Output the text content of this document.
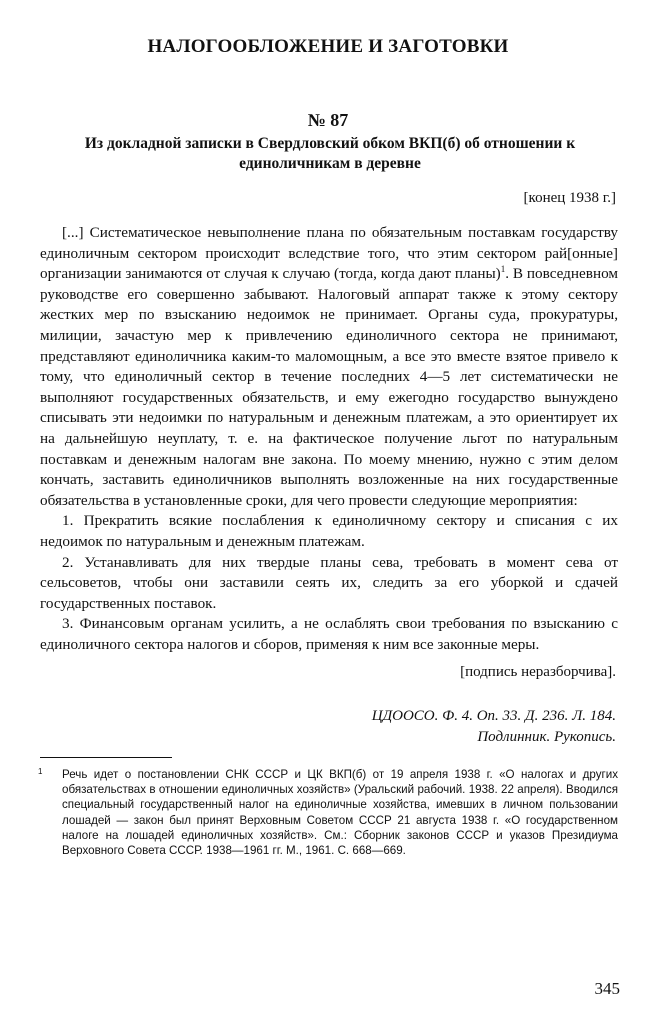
НАЛОГООБЛОЖЕНИЕ И ЗАГОТОВКИ
№ 87
Из докладной записки в Свердловский обком ВКП(б) об отношении к единоличникам в деревне
[конец 1938 г.]

[...] Систематическое невыполнение плана по обязательным поставкам государству единоличным сектором происходит вследствие того, что этим сектором рай[онные] организации занимаются от случая к случаю (тогда, когда дают планы)$^1$. В повседневном руководстве его совершенно забывают. Налоговый аппарат также к этому сектору жестких мер по взысканию недоимок не принимает. Органы суда, прокуратуры, милиции, зачастую мер к привлечению единоличного сектора не принимают, представляют единоличника каким-то маломощным, а все это вместе взятое привело к тому, что единоличный сектор в течение последних 4—5 лет систематически не выполняют государственных обязательств, и ему ежегодно государство вынуждено списывать эти недоимки по натуральным и денежным платежам, а это ориентирует их на дальнейшую неуплату, т. е. на фактическое получение льгот по натуральным поставкам и денежным налогам вне закона. По моему мнению, нужно с этим делом кончать, заставить единоличников выполнять возложенные на них государственные обязательства в установленные сроки, для чего провести следующие мероприятия:

1. Прекратить всякие послабления к единоличному сектору и списания с их недоимок по натуральным и денежным платежам.

2. Устанавливать для них твердые планы сева, требовать в момент сева от сельсоветов, чтобы они заставили сеять их, следить за его уборкой и сдачей государственных поставок.

3. Финансовым органам усилить, а не ослаблять свои требования по взысканию с единоличного сектора налогов и сборов, применяя к ним все законные меры.

[подпись неразборчива].
ЦДООСО. Ф. 4. Оп. 33. Д. 236. Л. 184.
Подлинник. Рукопись.
1	Речь идет о постановлении СНК СССР и ЦК ВКП(б) от 19 апреля 1938 г. «О налогах и других обязательствах в отношении единоличных хозяйств» (Уральский рабочий. 1938. 22 апреля). Вводился специальный государственный налог на единоличные хозяйства, имевших в личном пользовании лошадей — закон был принят Верховным Советом СССР 21 августа 1938 г. «О государственном налоге на лошадей единоличных хозяйств». См.: Сборник законов СССР и указов Президиума Верховного Совета СССР. 1938—1961 гг. М., 1961. С. 668—669.
345
